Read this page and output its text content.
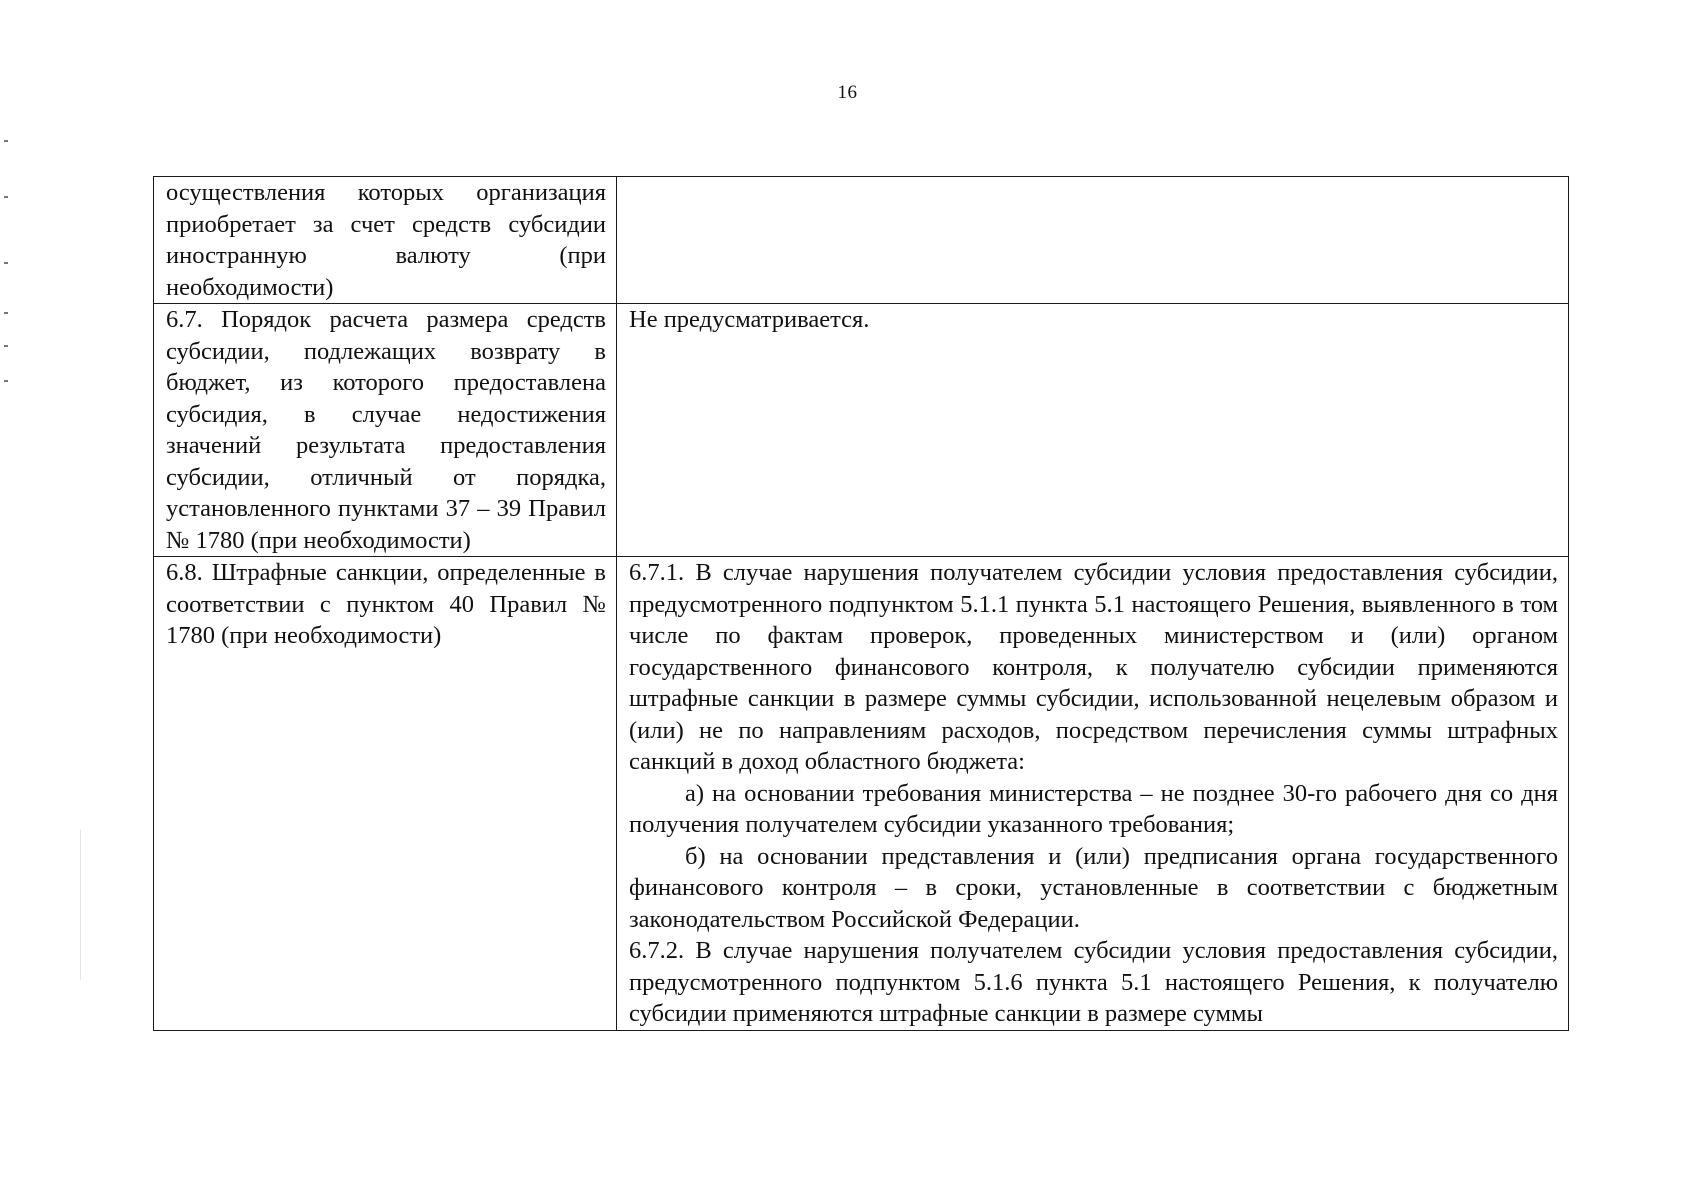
16

осуществления которых организация приобретает за счет средств субсидии иностранную валюту (при необходимости)	

6.7. Порядок расчета размера средств субсидии, подлежащих возврату в бюджет, из которого предоставлена субсидия, в случае недостижения значений результата предоставления субсидии, отличный от порядка, установленного пунктами 37 – 39 Правил № 1780 (при необходимости)	Не предусматривается.

6.8. Штрафные санкции, определенные в соответствии с пунктом 40 Правил № 1780 (при необходимости)	6.7.1. В случае нарушения получателем субсидии условия предоставления субсидии, предусмотренного подпунктом 5.1.1 пункта 5.1 настоящего Решения, выявленного в том числе по фактам проверок, проведенных министерством и (или) органом государственного финансового контроля, к получателю субсидии применяются штрафные санкции в размере суммы субсидии, использованной нецелевым образом и (или) не по направлениям расходов, посредством перечисления суммы штрафных санкций в доход областного бюджета:

а) на основании требования министерства – не позднее 30-го рабочего дня со дня получения получателем субсидии указанного требования;

б) на основании представления и (или) предписания органа государственного финансового контроля – в сроки, установленные в соответствии с бюджетным законодательством Российской Федерации.

6.7.2. В случае нарушения получателем субсидии условия предоставления субсидии, предусмотренного подпунктом 5.1.6 пункта 5.1 настоящего Решения, к получателю субсидии применяются штрафные санкции в размере суммы
